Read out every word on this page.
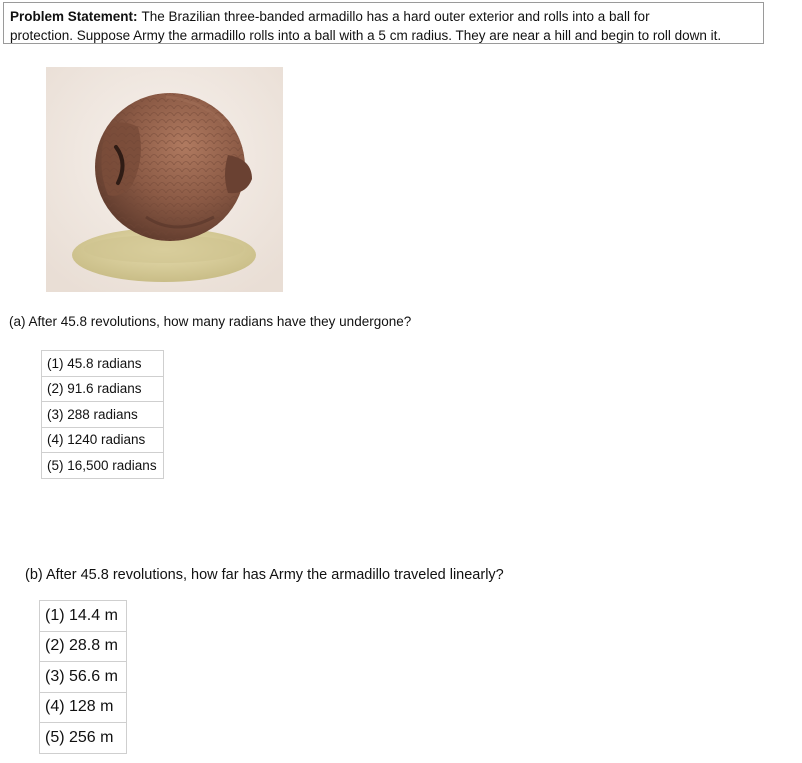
Problem Statement: The Brazilian three-banded armadillo has a hard outer exterior and rolls into a ball for
protection. Suppose Army the armadillo rolls into a ball with a 5 cm radius. They are near a hill and begin to roll down it.
(a) After 45.8 revolutions, how many radians have they undergone?
(1) 45.8 radians
(2) 91.6 radians
(3) 288 radians
(4) 1240 radians
(5) 16,500 radians
(b) After 45.8 revolutions, how far has Army the armadillo traveled linearly?
(1) 14.4 m
(2) 28.8 m
(3) 56.6 m
(4) 128 m
(5) 256 m
